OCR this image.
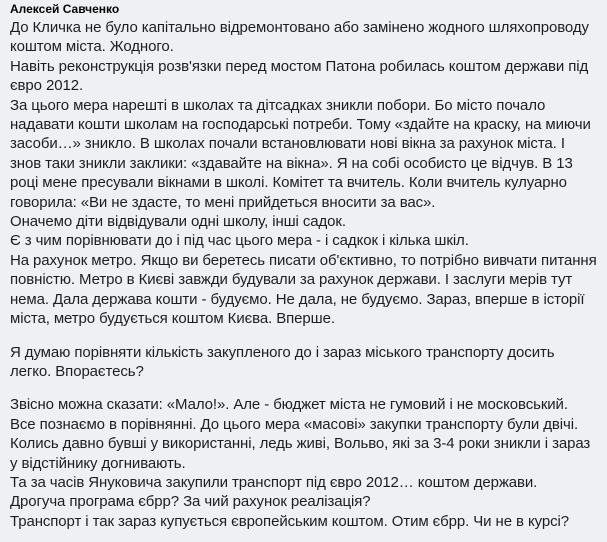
Алексей Савченко
До Кличка не було капітально відремонтовано або замінено жодного шляхопроводу коштом міста. Жодного.
Навіть реконструкція розв'язки перед мостом Патона робилась коштом держави під євро 2012.
За цього мера нарешті в школах та дітсадках зникли побори. Бо місто почало надавати кошти школам на господарські потреби. Тому «здайте на краску, на миючи засоби…» зникло. В школах почали встановлювати нові вікна за рахунок міста. І знов таки зникли заклики: «здавайте на вікна». Я на собі особисто це відчув. В 13 році мене пресували вікнами в школі. Комітет та вчитель. Коли вчитель кулуарно говорила: «Ви не здасте, то мені прийдеться вносити за вас».
Оначемо діти відвідували одні школу, інші садок.
Є з чим порівнювати до і під час цього мера - і садкок і кілька шкіл.
На рахунок метро. Якщо ви беретесь писати об'єктивно, то потрібно вивчати питання повністю. Метро в Києві завжди будували за рахунок держави. І заслуги мерів тут нема. Дала держава кошти - будуємо. Не дала, не будуємо. Зараз, вперше в історії міста, метро будується коштом Києва. Вперше.
Я думаю порівняти кількість закупленого до і зараз міського транспорту досить легко. Впораєтесь?
Звісно можна сказати: «Мало!». Але - бюджет міста не гумовий і не московський. Все познаємо в порівнянні. До цього мера «масові» закупки транспорту були двічі. Колись давно бувші у використанні, ледь живі, Вольво, які за 3-4 роки зникли і зараз у відстійнику догнивають.
Та за часів Януковича закупили транспорт під євро 2012… коштом держави.
Дрогуча програма єбрр? За чий рахунок реалізація?
Транспорт і так зараз купується європейським коштом. Отим єбрр. Чи не в курсі?
